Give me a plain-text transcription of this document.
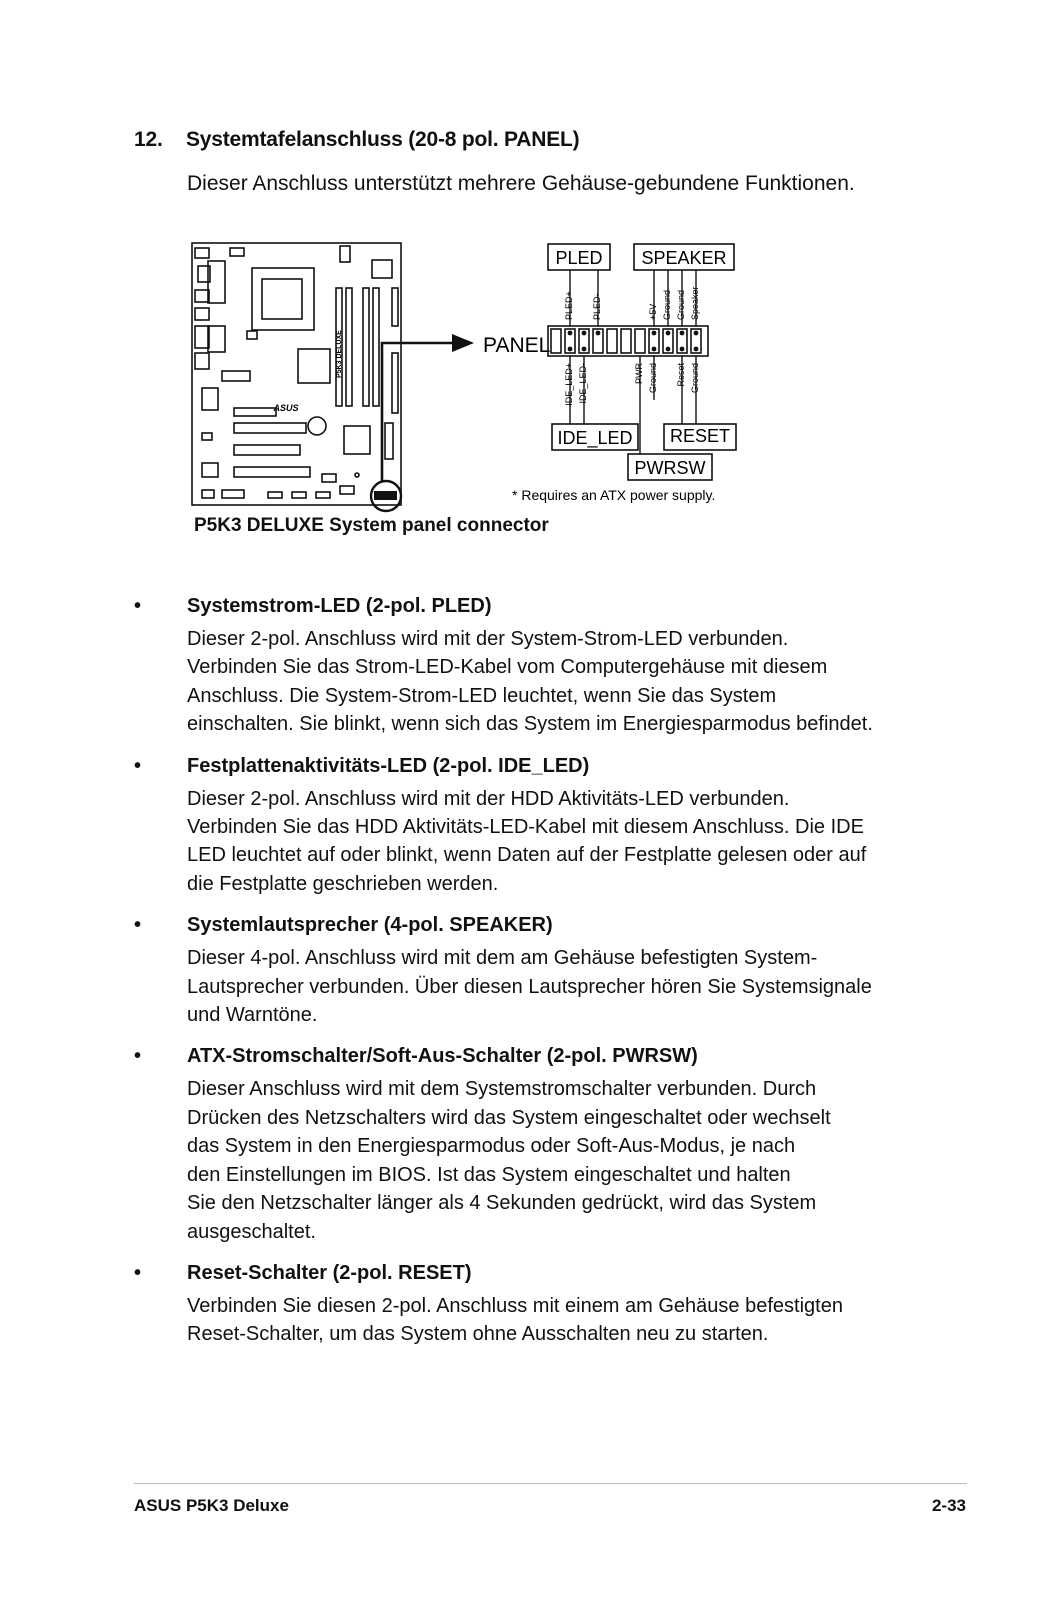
12. Systemtafelanschluss (20-8 pol. PANEL)
Dieser Anschluss unterstützt mehrere Gehäuse-gebundene Funktionen.
P5K3 DELUXE
ASUS
PANEL
PLED+ PLED-	+5V Ground Ground Speaker
IDE_LED+ IDE_LED-	PWR Ground Reset Ground
PLED SPEAKER
IDE_LED RESET
PWRSW
* Requires an ATX power supply.
P5K3 DELUXE System panel connector
• Systemstrom-LED (2-pol. PLED)
Dieser 2-pol. Anschluss wird mit der System-Strom-LED verbunden.
Verbinden Sie das Strom-LED-Kabel vom Computergehäuse mit diesem
Anschluss. Die System-Strom-LED leuchtet, wenn Sie das System
einschalten. Sie blinkt, wenn sich das System im Energiesparmodus befindet.
• Festplattenaktivitäts-LED (2-pol. IDE_LED)
Dieser 2-pol. Anschluss wird mit der HDD Aktivitäts-LED verbunden.
Verbinden Sie das HDD Aktivitäts-LED-Kabel mit diesem Anschluss. Die IDE
LED leuchtet auf oder blinkt, wenn Daten auf der Festplatte gelesen oder auf
die Festplatte geschrieben werden.
• Systemlautsprecher (4-pol. SPEAKER)
Dieser 4-pol. Anschluss wird mit dem am Gehäuse befestigten System-
Lautsprecher verbunden. Über diesen Lautsprecher hören Sie Systemsignale
und Warntöne.
• ATX-Stromschalter/Soft-Aus-Schalter (2-pol. PWRSW)
Dieser Anschluss wird mit dem Systemstromschalter verbunden. Durch
Drücken des Netzschalters wird das System eingeschaltet oder wechselt
das System in den Energiesparmodus oder Soft-Aus-Modus, je nach
den Einstellungen im BIOS. Ist das System eingeschaltet und halten
Sie den Netzschalter länger als 4 Sekunden gedrückt, wird das System
ausgeschaltet.
• Reset-Schalter (2-pol. RESET)
Verbinden Sie diesen 2-pol. Anschluss mit einem am Gehäuse befestigten
Reset-Schalter, um das System ohne Ausschalten neu zu starten.
ASUS P5K3 Deluxe	2-33
